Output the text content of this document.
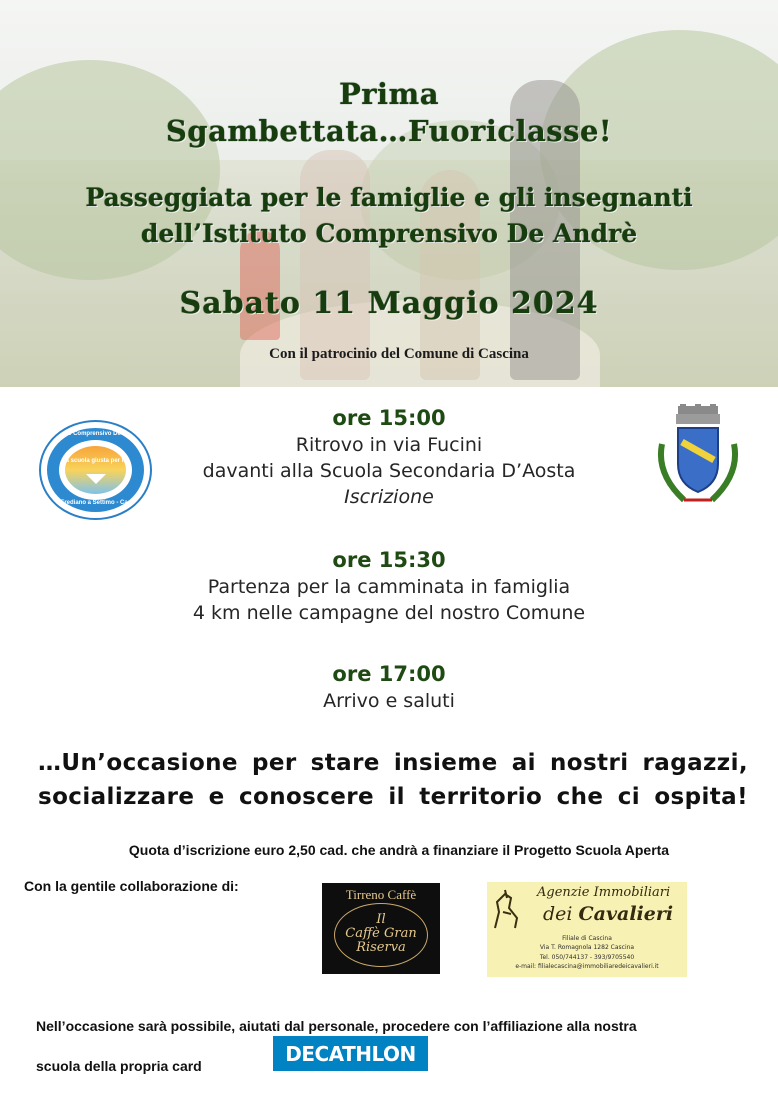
Prima
Sgambettata…Fuoriclasse!
Passeggiata per le famiglie e gli insegnanti
dell’Istituto Comprensivo De Andrè
Sabato 11 Maggio 2024
Con il patrocinio del Comune di Cascina
Istituto Comprensivo De Andrè
la scuola giusta per te
San Frediano a Settimo - Cascina
ore 15:00
Ritrovo in via Fucini
davanti alla Scuola Secondaria D’Aosta
Iscrizione
ore 15:30
Partenza per la camminata in famiglia
4 km nelle campagne del nostro Comune
ore 17:00
Arrivo e saluti
…Un’occasione per stare insieme ai nostri ragazzi,
socializzare e conoscere il territorio che ci ospita!
Quota d’iscrizione euro 2,50 cad. che andrà a finanziare il Progetto Scuola Aperta
Con la gentile collaborazione di:
Tirreno Caffè
Il
Caffè Gran
Riserva
Agenzie Immobiliari
dei Cavalieri
Filiale di Cascina
Via T. Romagnola 1282 Cascina
Tel. 050/744137 - 393/9705540
e-mail: filialecascina@immobiliaredeicavalieri.it
Nell’occasione sarà possibile, aiutati dal personale, procedere con l’affiliazione alla nostra
scuola della propria card
DECATHLON
